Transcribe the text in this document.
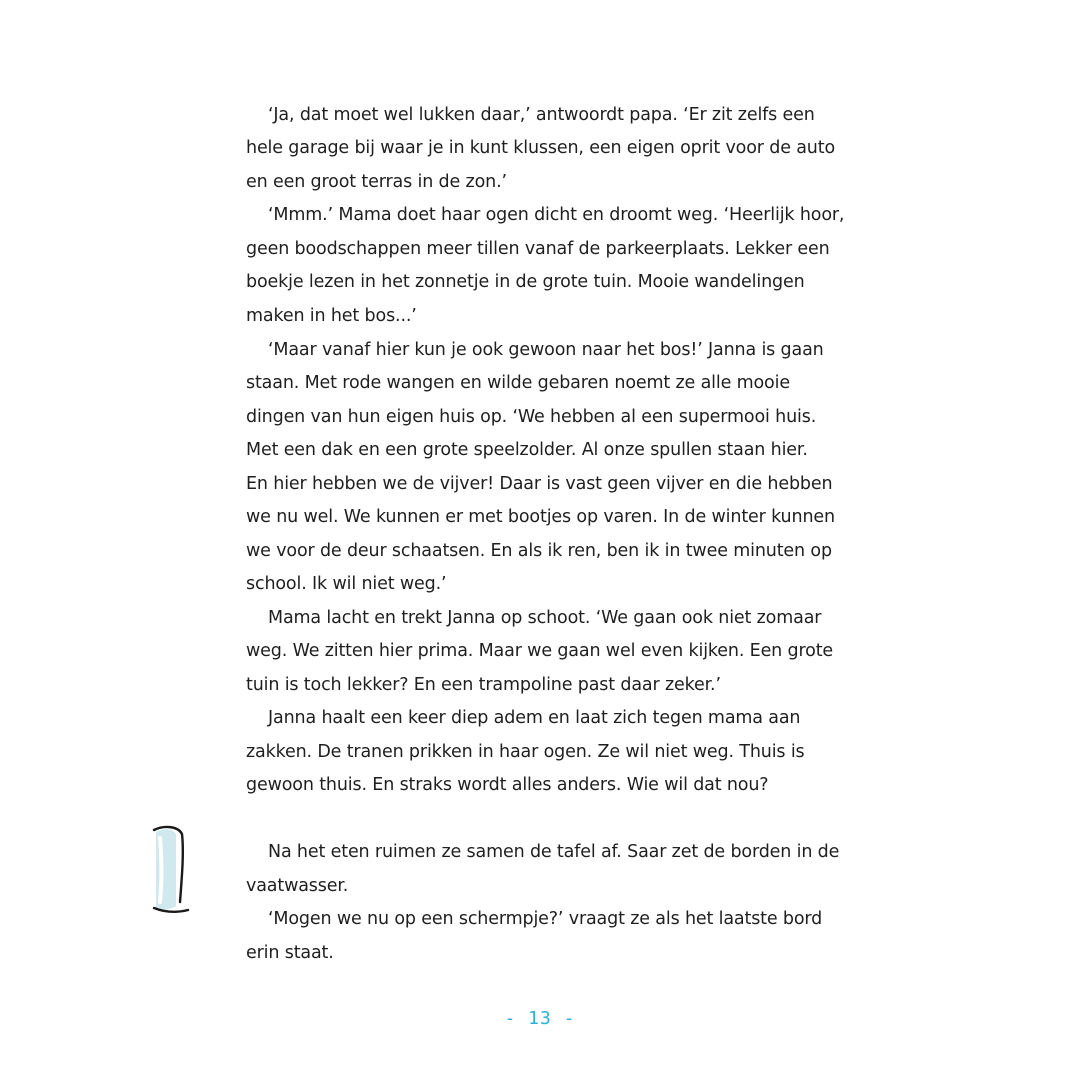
‘Ja, dat moet wel lukken daar,’ antwoordt papa. ‘Er zit zelfs een
hele garage bij waar je in kunt klussen, een eigen oprit voor de auto
en een groot terras in de zon.’
‘Mmm.’ Mama doet haar ogen dicht en droomt weg. ‘Heerlijk hoor,
geen boodschappen meer tillen vanaf de parkeerplaats. Lekker een
boekje lezen in het zonnetje in de grote tuin. Mooie wandelingen
maken in het bos...’
‘Maar vanaf hier kun je ook gewoon naar het bos!’ Janna is gaan
staan. Met rode wangen en wilde gebaren noemt ze alle mooie
dingen van hun eigen huis op. ‘We hebben al een supermooi huis.
Met een dak en een grote speelzolder. Al onze spullen staan hier.
En hier hebben we de vijver! Daar is vast geen vijver en die hebben
we nu wel. We kunnen er met bootjes op varen. In de winter kunnen
we voor de deur schaatsen. En als ik ren, ben ik in twee minuten op
school. Ik wil niet weg.’
Mama lacht en trekt Janna op schoot. ‘We gaan ook niet zomaar
weg. We zitten hier prima. Maar we gaan wel even kijken. Een grote
tuin is toch lekker? En een trampoline past daar zeker.’
Janna haalt een keer diep adem en laat zich tegen mama aan
zakken. De tranen prikken in haar ogen. Ze wil niet weg. Thuis is
gewoon thuis. En straks wordt alles anders. Wie wil dat nou?
Na het eten ruimen ze samen de tafel af. Saar zet de borden in de
vaatwasser.
‘Mogen we nu op een schermpje?’ vraagt ze als het laatste bord
erin staat.
- 13 -
